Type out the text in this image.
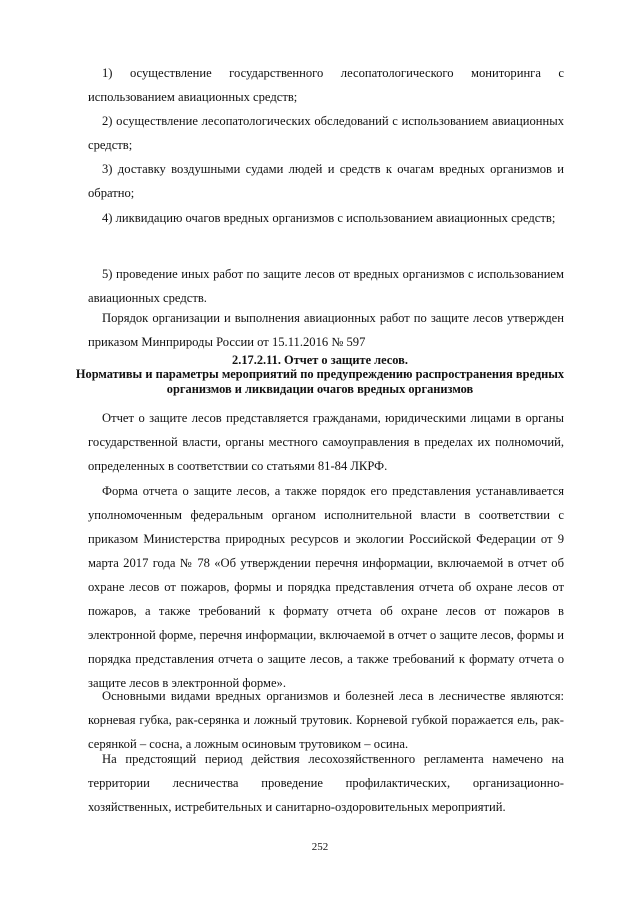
1) осуществление государственного лесопатологического мониторинга с использованием авиационных средств;

2) осуществление лесопатологических обследований с использованием авиационных средств;

3) доставку воздушными судами людей и средств к очагам вредных организмов и обратно;

4) ликвидацию очагов вредных организмов с использованием авиационных средств;

5) проведение иных работ по защите лесов от вредных организмов с использованием авиационных средств.

Порядок организации и выполнения авиационных работ по защите лесов утвержден приказом Минприроды России от 15.11.2016 № 597

2.17.2.11. Отчет о защите лесов.
Нормативы и параметры мероприятий по предупреждению распространения вредных организмов и ликвидации очагов вредных организмов

Отчет о защите лесов представляется гражданами, юридическими лицами в органы государственной власти, органы местного самоуправления в пределах их полномочий, определенных в соответствии со статьями 81-84 ЛКРФ.

Форма отчета о защите лесов, а также порядок его представления устанавливается уполномоченным федеральным органом исполнительной власти в соответствии с приказом Министерства природных ресурсов и экологии Российской Федерации от 9 марта 2017 года № 78 «Об утверждении перечня информации, включаемой в отчет об охране лесов от пожаров, формы и порядка представления отчета об охране лесов от пожаров, а также требований к формату отчета об охране лесов от пожаров в электронной форме, перечня информации, включаемой в отчет о защите лесов, формы и порядка представления отчета о защите лесов, а также требований к формату отчета о защите лесов в электронной форме».

Основными видами вредных организмов и болезней леса в лесничестве являются: корневая губка, рак-серянка и ложный трутовик. Корневой губкой поражается ель, рак-серянкой – сосна, а ложным осиновым трутовиком – осина.

На предстоящий период действия лесохозяйственного регламента намечено на территории лесничества проведение профилактических, организационно-хозяйственных, истребительных и санитарно-оздоровительных мероприятий.

252
